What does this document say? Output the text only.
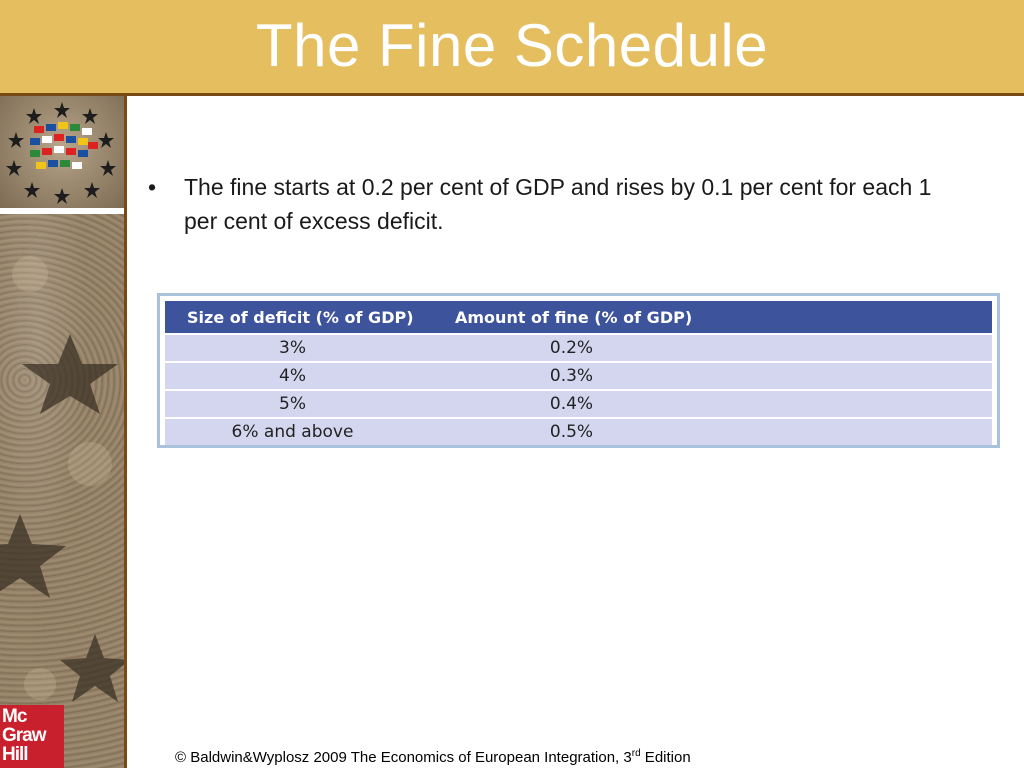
The Fine Schedule
Mc
Graw
Hill
• The fine starts at 0.2 per cent of GDP and rises by 0.1 per cent for each 1 per cent of excess deficit.
Size of deficit (% of GDP)	Amount of fine (% of GDP)
3%	0.2%
4%	0.3%
5%	0.4%
6% and above	0.5%
© Baldwin&Wyplosz 2009 The Economics of European Integration, 3rd Edition
